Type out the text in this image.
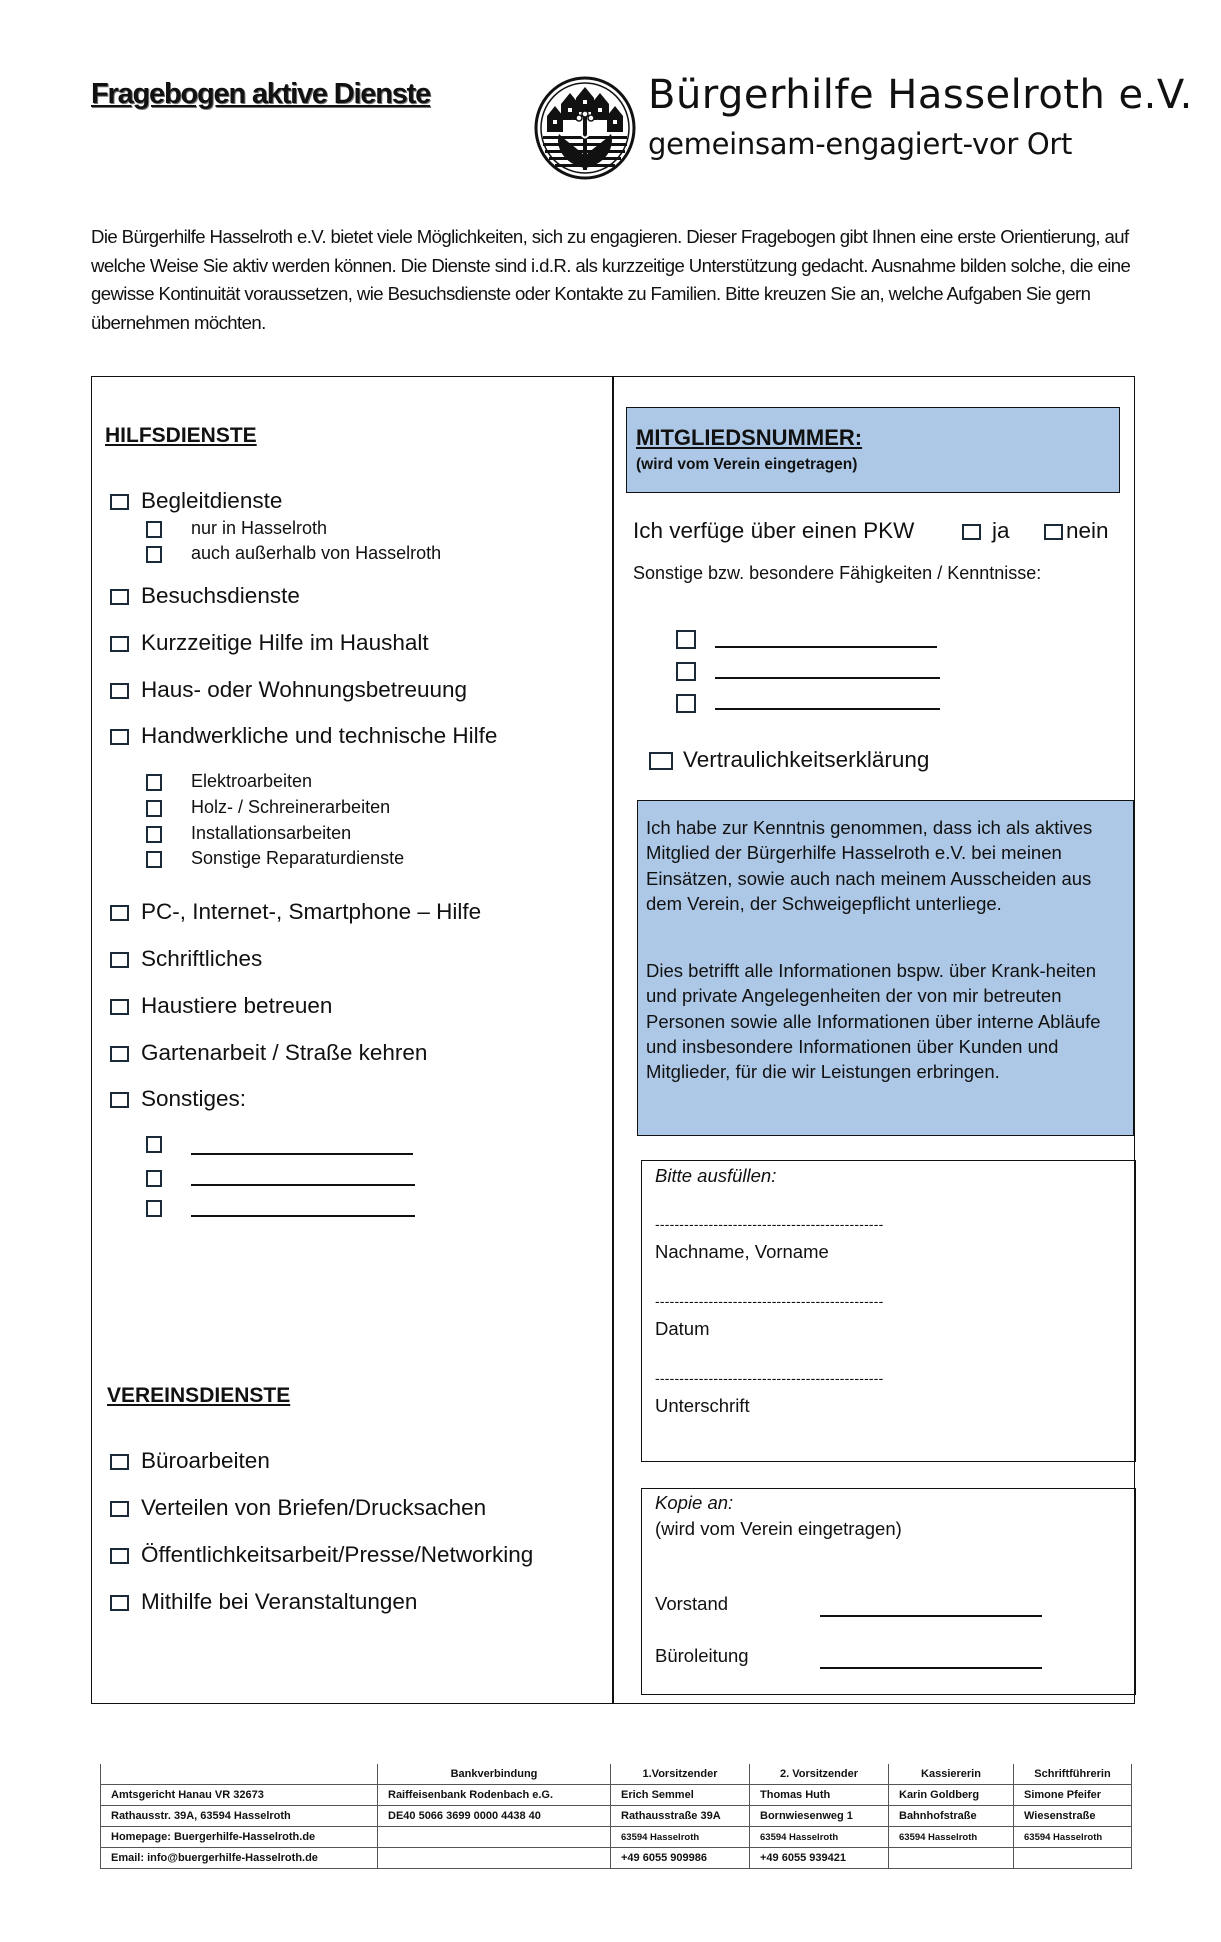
Fragebogen aktive Dienste	Bürgerhilfe Hasselroth e.V.
gemeinsam-engagiert-vor Ort
Die Bürgerhilfe Hasselroth e.V. bietet viele Möglichkeiten, sich zu engagieren. Dieser Fragebogen gibt Ihnen eine erste Orientierung, auf welche Weise Sie aktiv werden können. Die Dienste sind i.d.R. als kurzzeitige Unterstützung gedacht. Ausnahme bilden solche, die eine gewisse Kontinuität voraussetzen, wie Besuchsdienste oder Kontakte zu Familien. Bitte kreuzen Sie an, welche Aufgaben Sie gern übernehmen möchten.
HILFSDIENSTE
Begleitdienste
nur in Hasselroth
auch außerhalb von Hasselroth
Besuchsdienste
Kurzzeitige Hilfe im Haushalt
Haus- oder Wohnungsbetreuung
Handwerkliche und technische Hilfe
Elektroarbeiten
Holz- / Schreinerarbeiten
Installationsarbeiten
Sonstige Reparaturdienste
PC-, Internet-, Smartphone – Hilfe
Schriftliches
Haustiere betreuen
Gartenarbeit / Straße kehren
Sonstiges:
VEREINSDIENSTE
Büroarbeiten
Verteilen von Briefen/Drucksachen
Öffentlichkeitsarbeit/Presse/Networking
Mithilfe bei Veranstaltungen
MITGLIEDSNUMMER:
(wird vom Verein eingetragen)
Ich verfüge über einen PKW	ja	nein
Sonstige bzw. besondere Fähigkeiten / Kenntnisse:
Vertraulichkeitserklärung

Ich habe zur Kenntnis genommen, dass ich als aktives Mitglied der Bürgerhilfe Hasselroth e.V. bei meinen Einsätzen, sowie auch nach meinem Ausscheiden aus dem Verein, der Schweigepflicht unterliege.

Dies betrifft alle Informationen bspw. über Krank-heiten und private Angelegenheiten der von mir betreuten Personen sowie alle Informationen über interne Abläufe und insbesondere Informationen über Kunden und Mitglieder, für die wir Leistungen erbringen.

Bitte ausfüllen:
-----------------------------------------------
Nachname, Vorname
-----------------------------------------------
Datum
-----------------------------------------------
Unterschrift
Kopie an:
(wird vom Verein eingetragen)
Vorstand
Büroleitung
	Bankverbindung	1.Vorsitzender	2. Vorsitzender	Kassiererin	Schriftführerin
Amtsgericht Hanau VR 32673	Raiffeisenbank Rodenbach e.G.	Erich Semmel	Thomas Huth	Karin Goldberg	Simone Pfeifer
Rathausstr. 39A, 63594 Hasselroth	DE40 5066 3699 0000 4438 40	Rathausstraße 39A	Bornwiesenweg 1	Bahnhofstraße	Wiesenstraße
Homepage: Buergerhilfe-Hasselroth.de		63594 Hasselroth	63594 Hasselroth	63594 Hasselroth	63594 Hasselroth
Email: info@buergerhilfe-Hasselroth.de		+49 6055 909986	+49 6055 939421		
